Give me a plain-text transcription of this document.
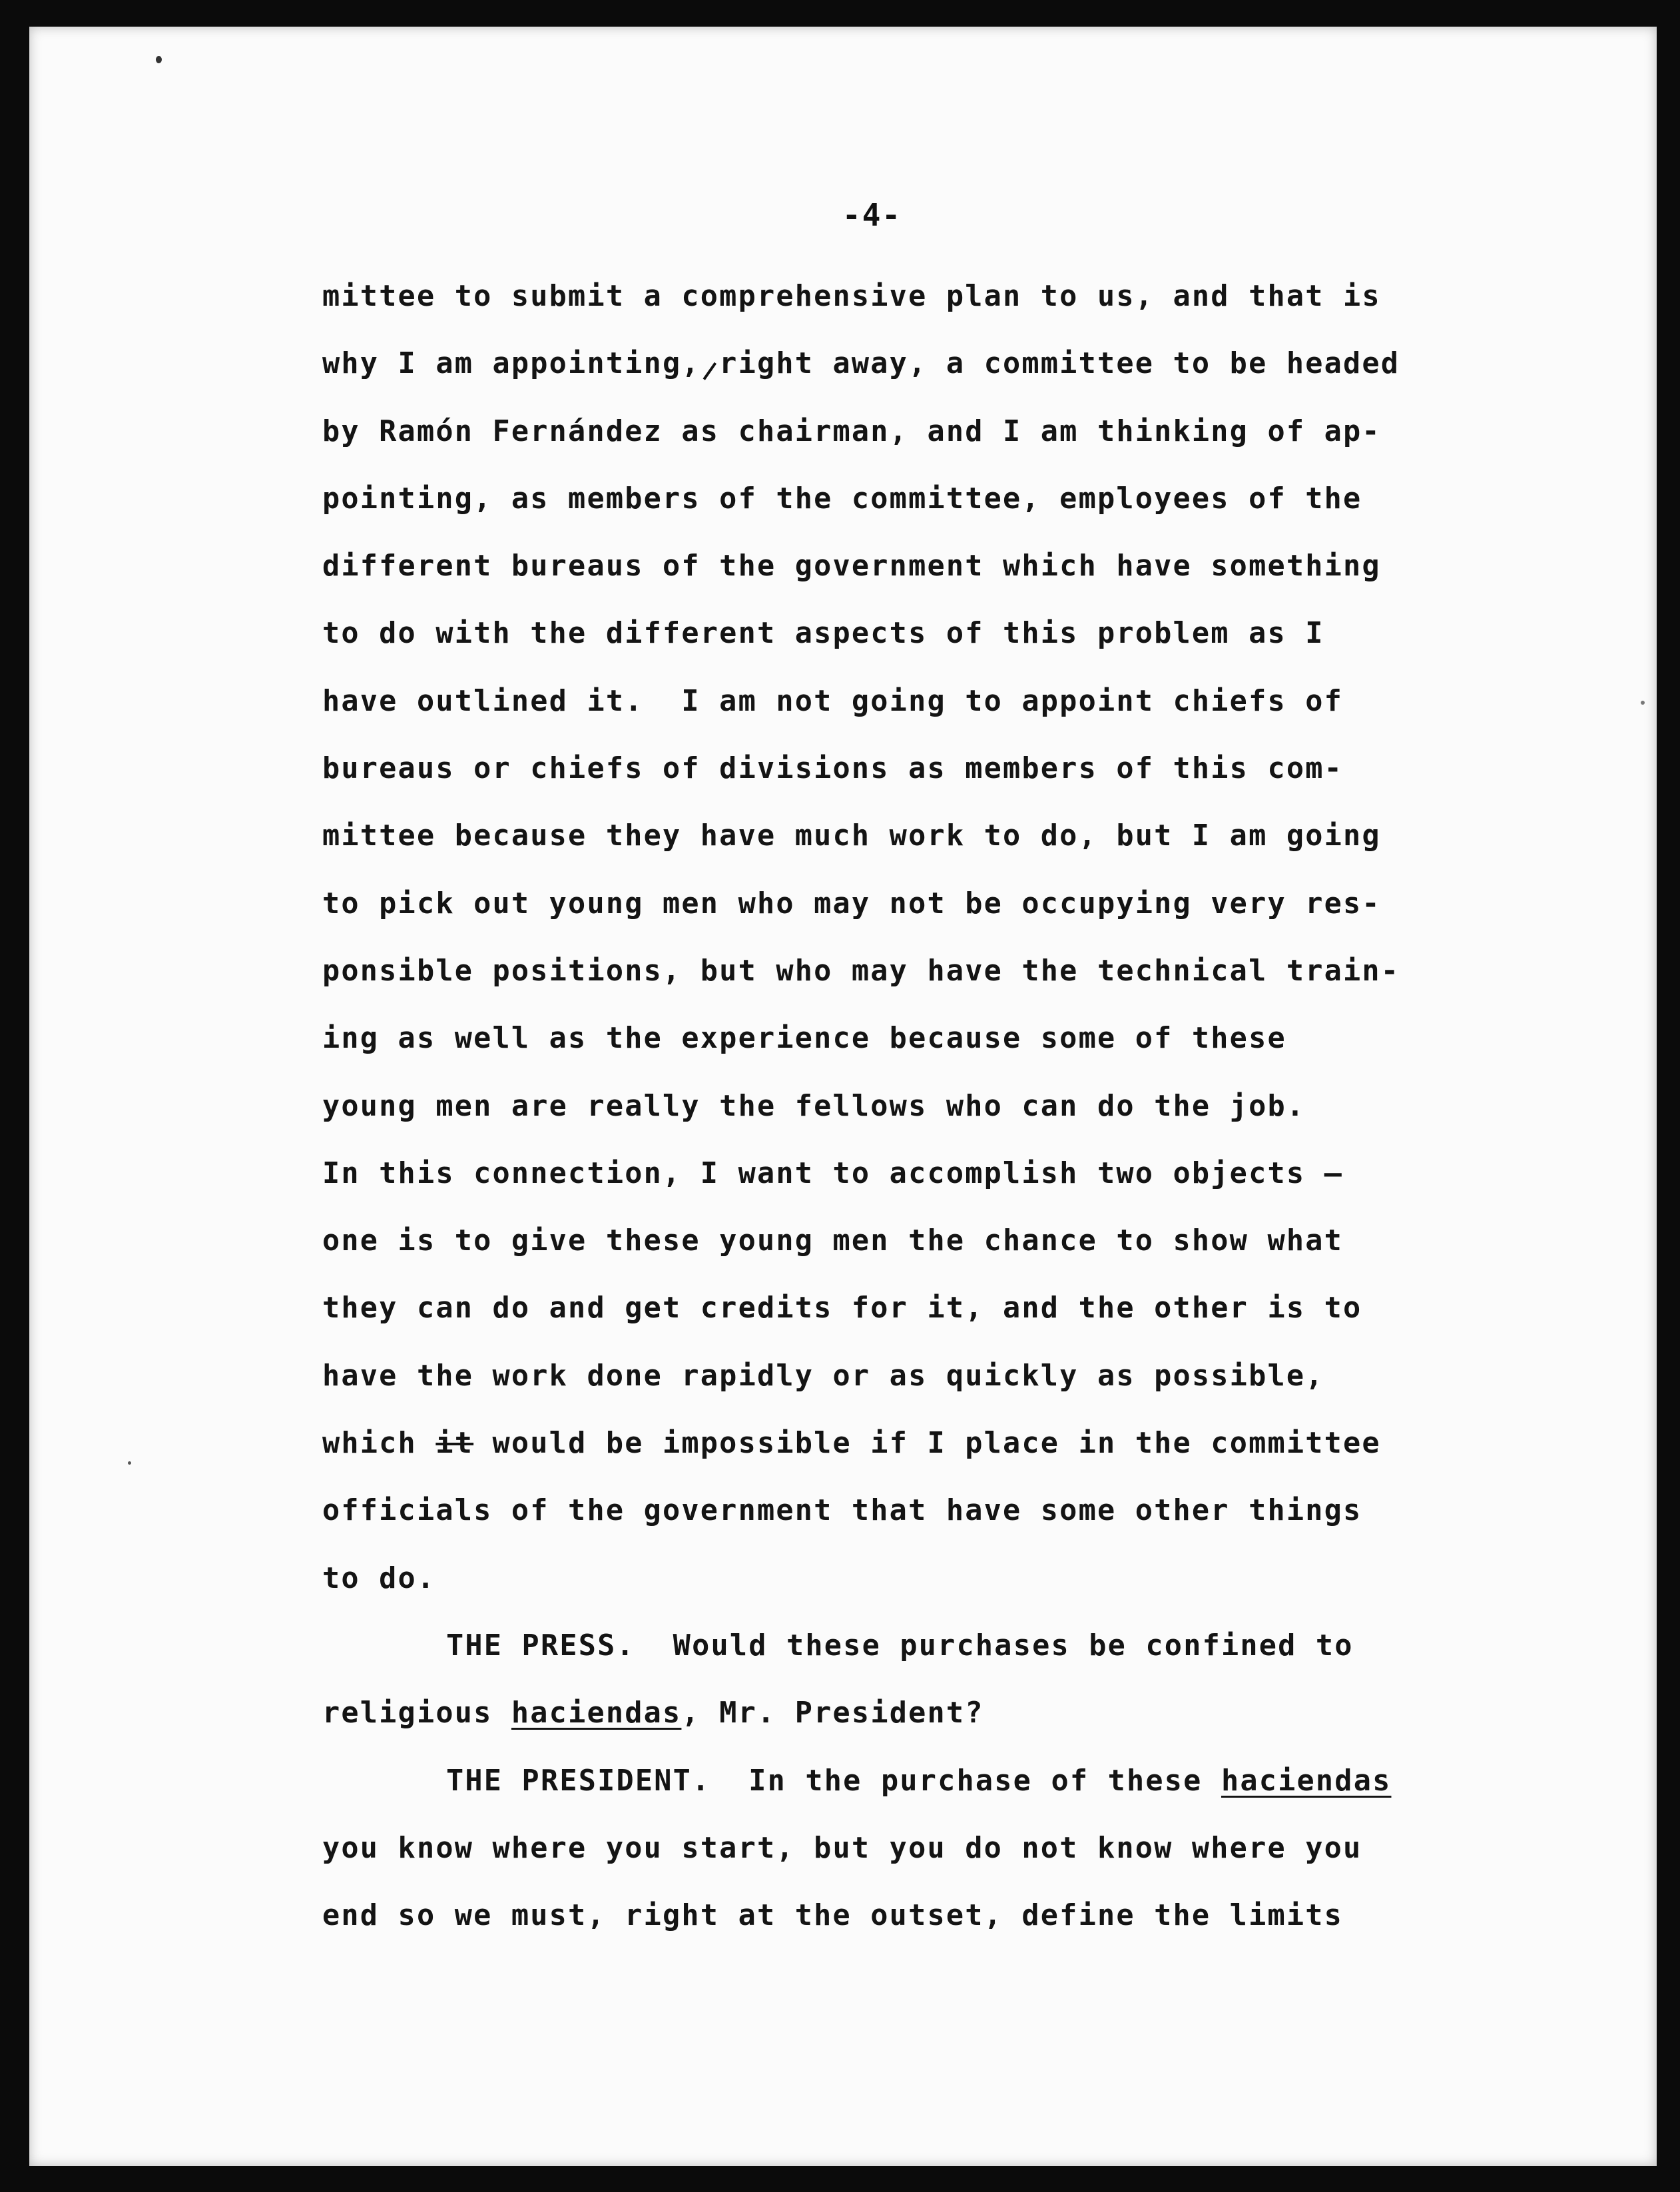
-4-
mittee to submit a comprehensive plan to us, and that is
why I am appointing, right away, a committee to be headed
by Ramón Fernández as chairman, and I am thinking of ap-
pointing, as members of the committee, employees of the
different bureaus of the government which have something
to do with the different aspects of this problem as I
have outlined it.  I am not going to appoint chiefs of
bureaus or chiefs of divisions as members of this com-
mittee because they have much work to do, but I am going
to pick out young men who may not be occupying very res-
ponsible positions, but who may have the technical train-
ing as well as the experience because some of these
young men are really the fellows who can do the job.
In this connection, I want to accomplish two objects —
one is to give these young men the chance to show what
they can do and get credits for it, and the other is to
have the work done rapidly or as quickly as possible,
which it would be impossible if I place in the committee
officials of the government that have some other things
to do.
THE PRESS.  Would these purchases be confined to
religious haciendas, Mr. President?
THE PRESIDENT.  In the purchase of these haciendas
you know where you start, but you do not know where you
end so we must, right at the outset, define the limits
